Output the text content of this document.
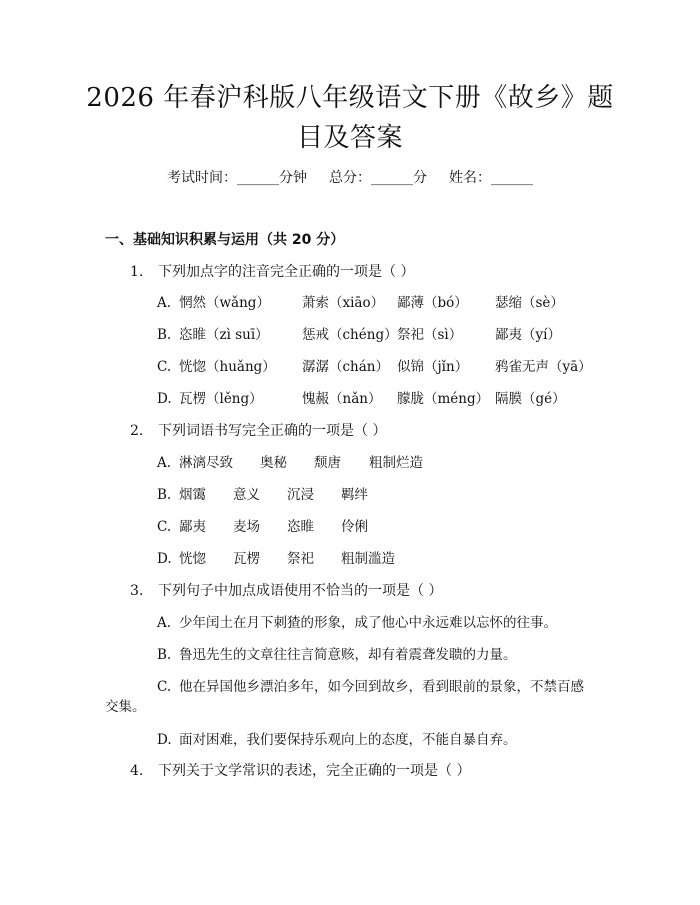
2026 年春沪科版八年级语文下册《故乡》题
目及答案
考试时间：______分钟 总分：______分 姓名：______
一、基础知识积累与运用（共 20 分）
1. 下列加点字的注音完全正确的一项是（ ）
A. 惘然（wǎng） 萧索（xiāo） 鄙薄（bó） 瑟缩（sè）
B. 恣睢（zì suī） 惩戒（chéng） 祭祀（sì） 鄙夷（yí）
C. 恍惚（huǎng） 潺潺（chán） 似锦（jǐn） 鸦雀无声（yā）
D. 瓦楞（lěng）	愧赧（nǎn） 朦胧（méng） 隔膜（gé）
2. 下列词语书写完全正确的一项是（ ）
A. 淋漓尽致 奥秘 颓唐 粗制烂造
B. 烟霭 意义 沉浸 羁绊
C. 鄙夷 麦场 恣睢 伶俐
D. 恍惚 瓦楞 祭祀 粗制滥造
3. 下列句子中加点成语使用不恰当的一项是（ ）
A. 少年闰土在月下刺猹的形象，成了他心中永远难以忘怀的往事。
B. 鲁迅先生的文章往往言简意赅，却有着震聋发聩的力量。
C. 他在异国他乡漂泊多年，如今回到故乡，看到眼前的景象，不禁百感
交集。
D. 面对困难，我们要保持乐观向上的态度，不能自暴自弃。
4. 下列关于文学常识的表述，完全正确的一项是（ ）
